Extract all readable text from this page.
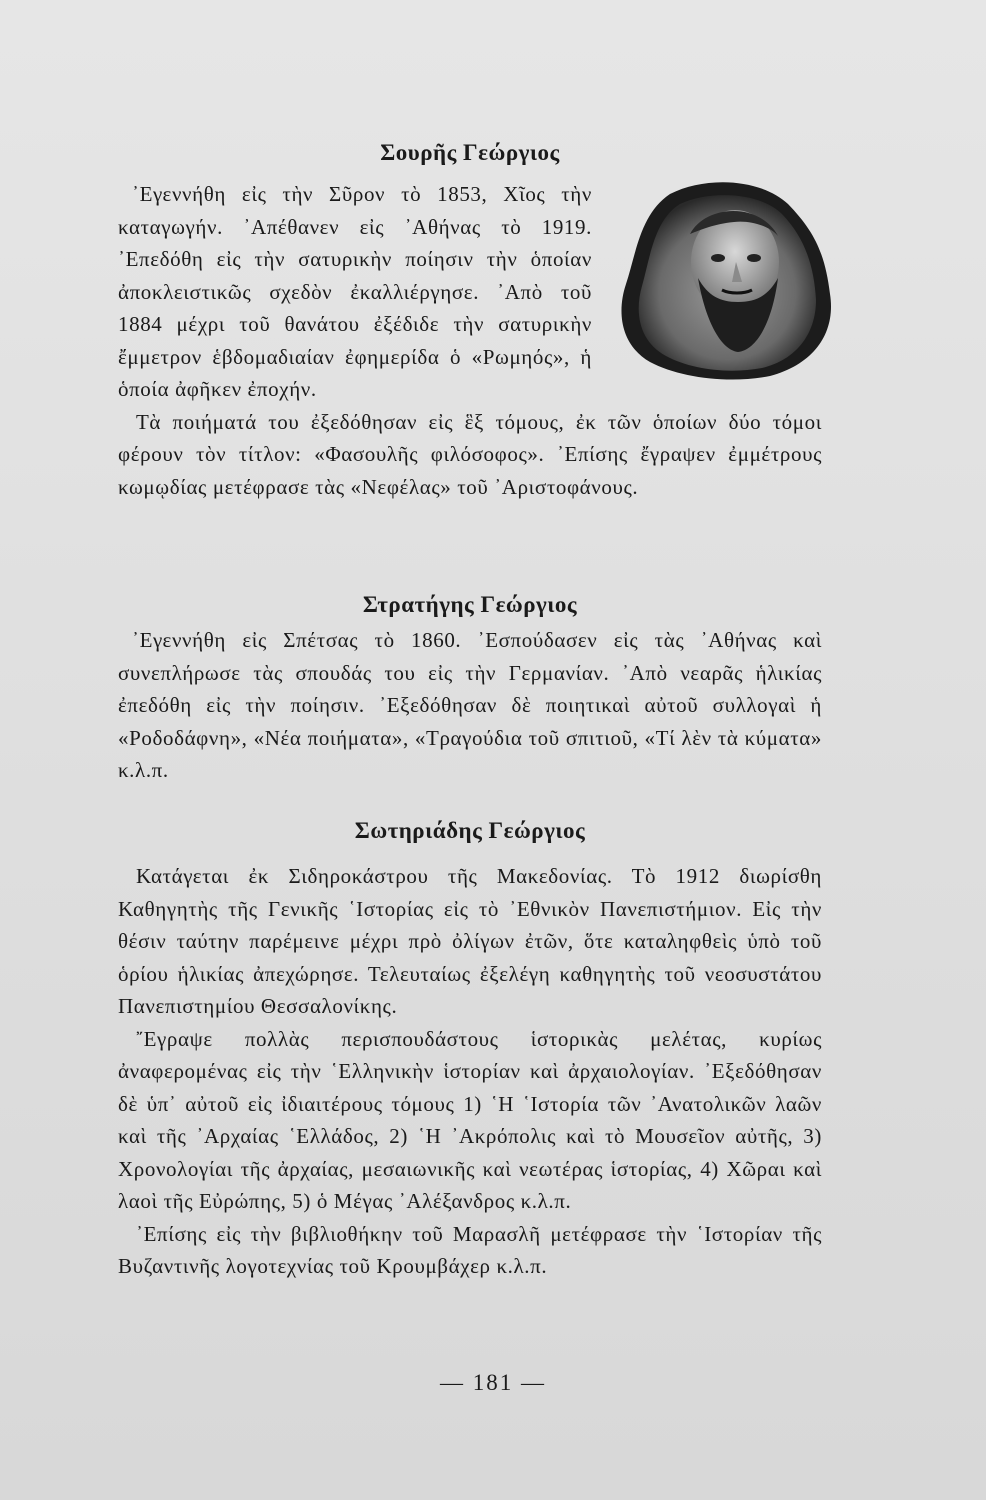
Σουρῆς Γεώργιος

᾿Εγεννήθη εἰς τὴν Σῦρον τὸ 1853, Χῖος τὴν καταγωγήν. ᾿Απέθανεν εἰς ᾿Αθήνας τὸ 1919. ᾿Επεδόθη εἰς τὴν σατυρικὴν ποίησιν τὴν ὁποίαν ἀποκλειστικῶς σχεδὸν ἐκαλλιέργησε. ᾿Απὸ τοῦ 1884 μέχρι τοῦ θανάτου ἐξέδιδε τὴν σατυρικὴν ἔμμετρον ἑβδομαδιαίαν ἐφημερίδα ὁ «Ρωμηός», ἡ ὁποία ἀφῆκεν ἐποχήν.

Τὰ ποιήματά του ἐξεδόθησαν εἰς ἓξ τόμους, ἐκ τῶν ὁποίων δύο τόμοι φέρουν τὸν τίτλον: «Φασουλῆς φιλόσοφος». ᾿Επίσης ἔγραψεν ἐμμέτρους κωμῳδίας μετέφρασε τὰς «Νεφέλας» τοῦ ᾿Αριστοφάνους.

Στρατήγης Γεώργιος

᾿Εγεννήθη εἰς Σπέτσας τὸ 1860. ᾿Εσπούδασεν εἰς τὰς ᾿Αθήνας καὶ συνεπλήρωσε τὰς σπουδάς του εἰς τὴν Γερμανίαν. ᾿Απὸ νεαρᾶς ἡλικίας ἐπεδόθη εἰς τὴν ποίησιν. ᾿Εξεδόθησαν δὲ ποιητικαὶ αὐτοῦ συλλογαὶ ἡ «Ροδοδάφνη», «Νέα ποιήματα», «Τραγούδια τοῦ σπιτιοῦ, «Τί λὲν τὰ κύματα» κ.λ.π.

Σωτηριάδης Γεώργιος

Κατάγεται ἐκ Σιδηροκάστρου τῆς Μακεδονίας. Τὸ 1912 διωρίσθη Καθηγητὴς τῆς Γενικῆς ῾Ιστορίας εἰς τὸ ᾿Εθνικὸν Πανεπιστήμιον. Εἰς τὴν θέσιν ταύτην παρέμεινε μέχρι πρὸ ὀλίγων ἐτῶν, ὅτε καταληφθεὶς ὑπὸ τοῦ ὁρίου ἡλικίας ἀπεχώρησε. Τελευταίως ἐξελέγη καθηγητὴς τοῦ νεοσυστάτου Πανεπιστημίου Θεσσαλονίκης.

῎Εγραψε πολλὰς περισπουδάστους ἱστορικὰς μελέτας, κυρίως ἀναφερομένας εἰς τὴν ῾Ελληνικὴν ἱστορίαν καὶ ἀρχαιολογίαν. ᾿Εξεδόθησαν δὲ ὑπ᾿ αὐτοῦ εἰς ἰδιαιτέρους τόμους 1) ῾Η ῾Ιστορία τῶν ᾿Ανατολικῶν λαῶν καὶ τῆς ᾿Αρχαίας ῾Ελλάδος, 2) ῾Η ᾿Ακρόπολις καὶ τὸ Μουσεῖον αὐτῆς, 3) Χρονολογίαι τῆς ἀρχαίας, μεσαιωνικῆς καὶ νεωτέρας ἱστορίας, 4) Χῶραι καὶ λαοὶ τῆς Εὐρώπης, 5) ὁ Μέγας ᾿Αλέξανδρος κ.λ.π.

᾿Επίσης εἰς τὴν βιβλιοθήκην τοῦ Μαρασλῆ μετέφρασε τὴν ῾Ιστορίαν τῆς Βυζαντινῆς λογοτεχνίας τοῦ Κρουμβάχερ κ.λ.π.

— 181 —
